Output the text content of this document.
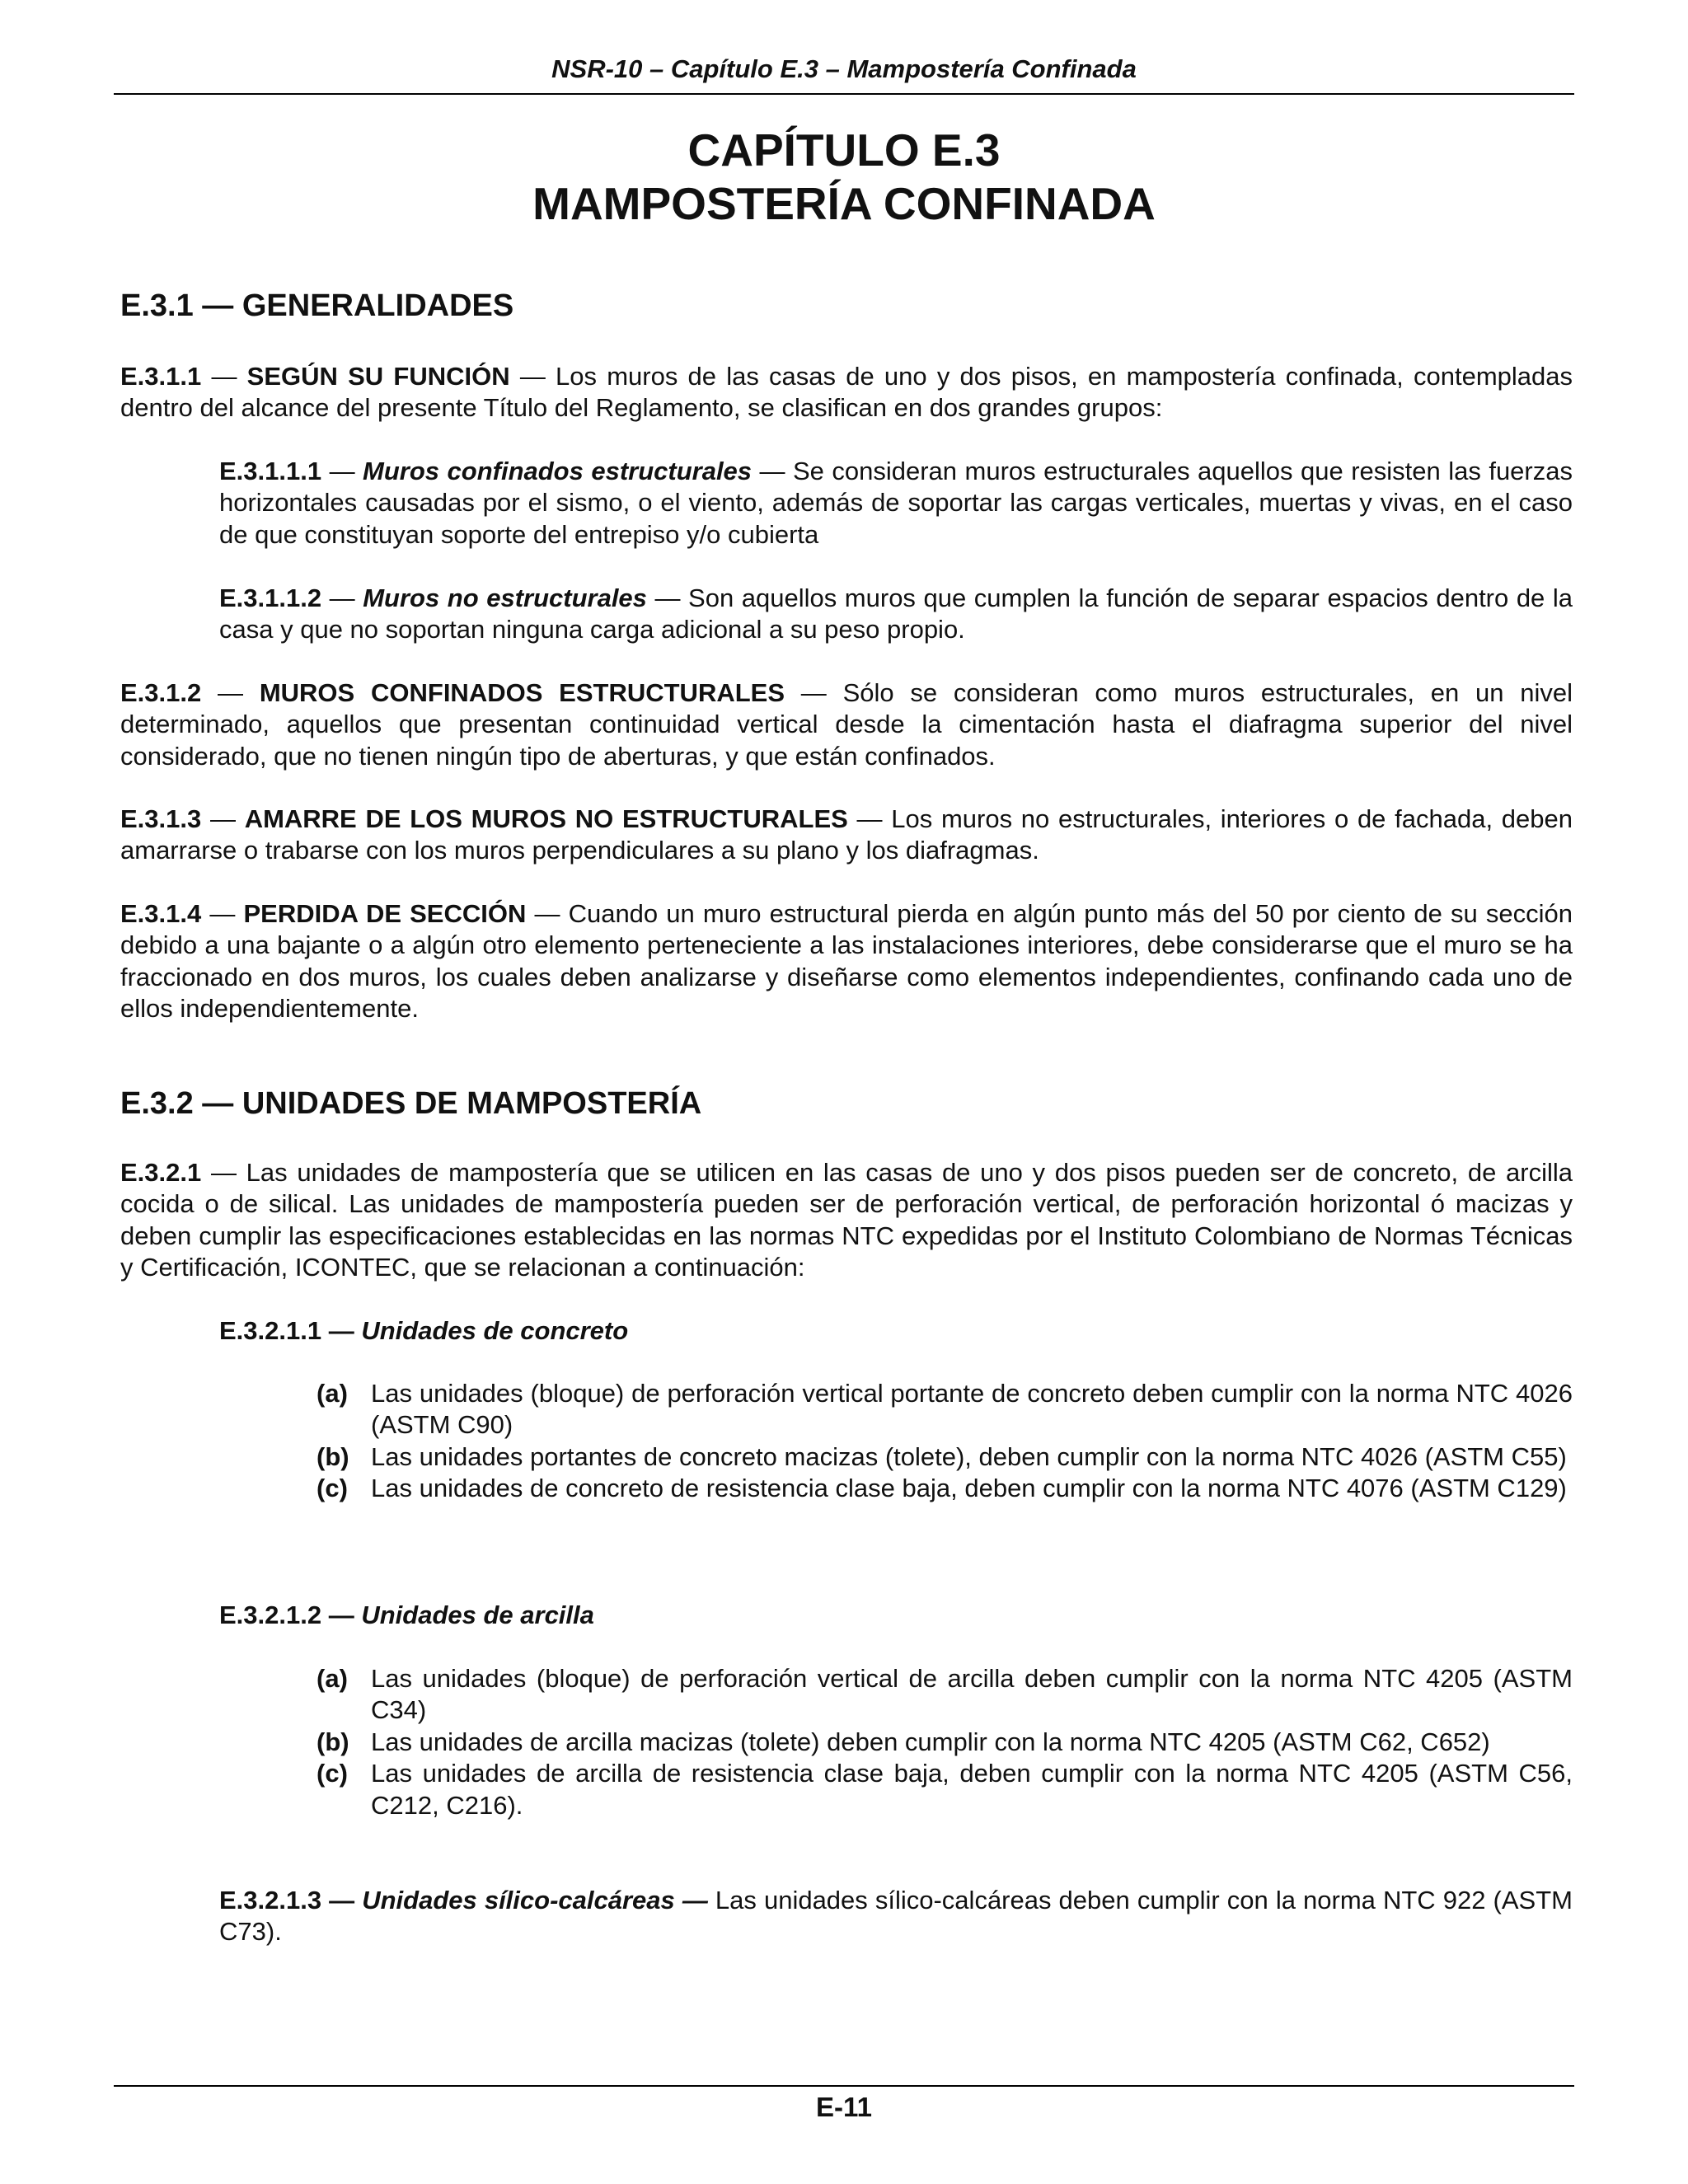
NSR-10 – Capítulo E.3 – Mampostería Confinada
CAPÍTULO E.3
MAMPOSTERÍA CONFINADA
E.3.1 — GENERALIDADES

E.3.1.1 — SEGÚN SU FUNCIÓN — Los muros de las casas de uno y dos pisos, en mampostería confinada, contempladas dentro del alcance del presente Título del Reglamento, se clasifican en dos grandes grupos:

E.3.1.1.1 — Muros confinados estructurales — Se consideran muros estructurales aquellos que resisten las fuerzas horizontales causadas por el sismo, o el viento, además de soportar las cargas verticales, muertas y vivas, en el caso de que constituyan soporte del entrepiso y/o cubierta

E.3.1.1.2 — Muros no estructurales — Son aquellos muros que cumplen la función de separar espacios dentro de la casa y que no soportan ninguna carga adicional a su peso propio.

E.3.1.2 — MUROS CONFINADOS ESTRUCTURALES — Sólo se consideran como muros estructurales, en un nivel determinado, aquellos que presentan continuidad vertical desde la cimentación hasta el diafragma superior del nivel considerado, que no tienen ningún tipo de aberturas, y que están confinados.

E.3.1.3 — AMARRE DE LOS MUROS NO ESTRUCTURALES — Los muros no estructurales, interiores o de fachada, deben amarrarse o trabarse con los muros perpendiculares a su plano y los diafragmas.

E.3.1.4 — PERDIDA DE SECCIÓN — Cuando un muro estructural pierda en algún punto más del 50 por ciento de su sección debido a una bajante o a algún otro elemento perteneciente a las instalaciones interiores, debe considerarse que el muro se ha fraccionado en dos muros, los cuales deben analizarse y diseñarse como elementos independientes, confinando cada uno de ellos independientemente.

E.3.2 — UNIDADES DE MAMPOSTERÍA

E.3.2.1 — Las unidades de mampostería que se utilicen en las casas de uno y dos pisos pueden ser de concreto, de arcilla cocida o de silical. Las unidades de mampostería pueden ser de perforación vertical, de perforación horizontal ó macizas y deben cumplir las especificaciones establecidas en las normas NTC expedidas por el Instituto Colombiano de Normas Técnicas y Certificación, ICONTEC, que se relacionan a continuación:

E.3.2.1.1 — Unidades de concreto

(a) Las unidades (bloque) de perforación vertical portante de concreto deben cumplir con la norma NTC 4026 (ASTM C90)
(b) Las unidades portantes de concreto macizas (tolete), deben cumplir con la norma NTC 4026 (ASTM C55)
(c) Las unidades de concreto de resistencia clase baja, deben cumplir con la norma NTC 4076 (ASTM C129)

E.3.2.1.2 — Unidades de arcilla

(a) Las unidades (bloque) de perforación vertical de arcilla deben cumplir con la norma NTC 4205 (ASTM C34)
(b) Las unidades de arcilla macizas (tolete) deben cumplir con la norma NTC 4205 (ASTM C62, C652)
(c) Las unidades de arcilla de resistencia clase baja, deben cumplir con la norma NTC 4205 (ASTM C56, C212, C216).

E.3.2.1.3 — Unidades sílico-calcáreas — Las unidades sílico-calcáreas deben cumplir con la norma NTC 922 (ASTM C73).

E-11
